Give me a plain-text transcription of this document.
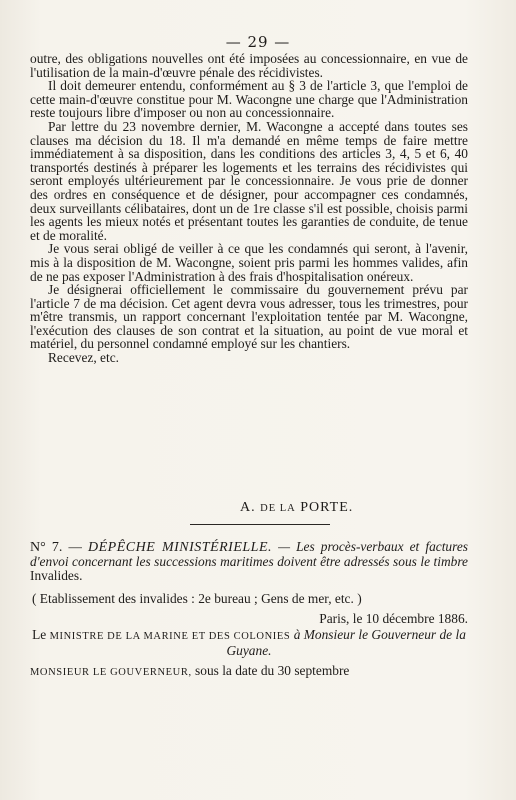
— 29 —

outre, des obligations nouvelles ont été imposées au concessionnaire, en vue de l'utilisation de la main-d'œuvre pénale des récidivistes.

Il doit demeurer entendu, conformément au § 3 de l'article 3, que l'emploi de cette main-d'œuvre constitue pour M. Wacongne une charge que l'Administration reste toujours libre d'imposer ou non au concessionnaire.

Par lettre du 23 novembre dernier, M. Wacongne a accepté dans toutes ses clauses ma décision du 18. Il m'a demandé en même temps de faire mettre immédiatement à sa disposition, dans les conditions des articles 3, 4, 5 et 6, 40 transportés destinés à préparer les logements et les terrains des récidivistes qui seront employés ultérieurement par le concessionnaire. Je vous prie de donner des ordres en conséquence et de désigner, pour accompagner ces condamnés, deux surveillants célibataires, dont un de 1re classe s'il est possible, choisis parmi les agents les mieux notés et présentant toutes les garanties de conduite, de tenue et de moralité.

Je vous serai obligé de veiller à ce que les condamnés qui seront, à l'avenir, mis à la disposition de M. Wacongne, soient pris parmi les hommes valides, afin de ne pas exposer l'Administration à des frais d'hospitalisation onéreux.

Je désignerai officiellement le commissaire du gouvernement prévu par l'article 7 de ma décision. Cet agent devra vous adresser, tous les trimestres, pour m'être transmis, un rapport concernant l'exploitation tentée par M. Wacongne, l'exécution des clauses de son contrat et la situation, au point de vue moral et matériel, du personnel condamné employé sur les chantiers.

Recevez, etc.

A. DE LA PORTE.
N° 7. — DÉPÊCHE MINISTÉRIELLE. — Les procès-verbaux et factures d'envoi concernant les successions maritimes doivent être adressés sous le timbre Invalides.
( Etablissement des invalides : 2e bureau ; Gens de mer, etc. )
Paris, le 10 décembre 1886.
Le MINISTRE DE LA MARINE ET DES COLONIES à Monsieur le Gouverneur de la Guyane.
MONSIEUR LE GOUVERNEUR, sous la date du 30 septembre
